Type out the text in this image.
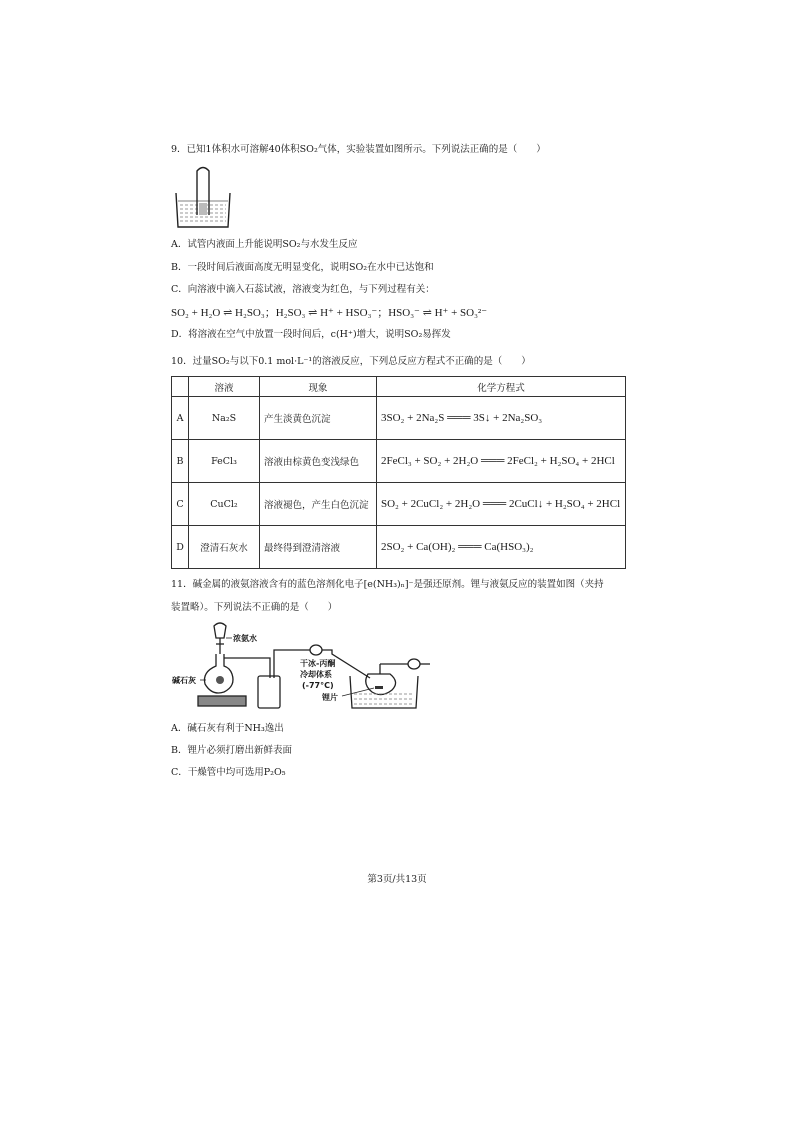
9．已知1体积水可溶解40体积SO₂气体，实验装置如图所示。下列说法正确的是（　　）
A．试管内液面上升能说明SO₂与水发生反应
B．一段时间后液面高度无明显变化，说明SO₂在水中已达饱和
C．向溶液中滴入石蕊试液，溶液变为红色，与下列过程有关：
SO₂ + H₂O ⇌ H₂SO₃；H₂SO₃ ⇌ H⁺ + HSO₃⁻；HSO₃⁻ ⇌ H⁺ + SO₃²⁻
D．将溶液在空气中放置一段时间后，c(H⁺)增大，说明SO₂易挥发
10．过量SO₂与以下0.1 mol·L⁻¹的溶液反应，下列总反应方程式不正确的是（　　）
	溶液	现象	化学方程式
A	Na₂S	产生淡黄色沉淀	3SO₂ + 2Na₂S ═══ 3S↓ + 2Na₂SO₃
B	FeCl₃	溶液由棕黄色变浅绿色	2FeCl₃ + SO₂ + 2H₂O ═══ 2FeCl₂ + H₂SO₄ + 2HCl
C	CuCl₂	溶液褪色，产生白色沉淀	SO₂ + 2CuCl₂ + 2H₂O ═══ 2CuCl↓ + H₂SO₄ + 2HCl
D	澄清石灰水	最终得到澄清溶液	2SO₂ + Ca(OH)₂ ═══ Ca(HSO₃)₂
11．碱金属的液氨溶液含有的蓝色溶剂化电子[e(NH₃)ₙ]⁻是强还原剂。锂与液氨反应的装置如图（夹持
装置略）。下列说法不正确的是（　　）
浓氨水
碱石灰
干冰-丙酮
冷却体系
(-77°C)
锂片
A．碱石灰有利于NH₃逸出
B．锂片必须打磨出新鲜表面
C．干燥管中均可选用P₂O₅
第3页/共13页
